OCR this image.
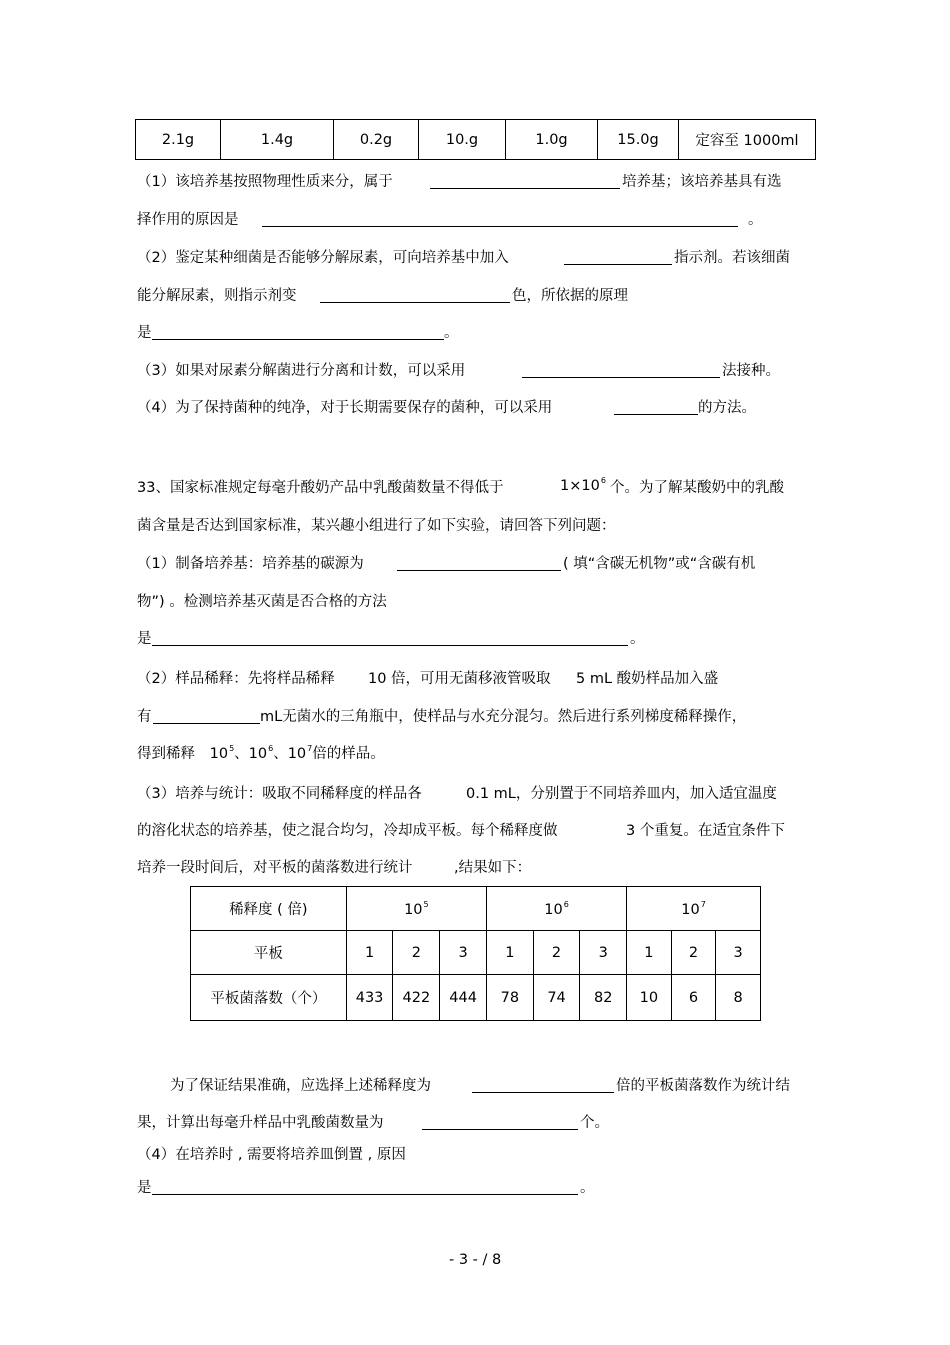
2.1g	1.4g	0.2g	10.g	1.0g	15.0g	定容至 1000ml
（1）该培养基按照物理性质来分，属于	培养基；该培养基具有选
择作用的原因是	。
（2）鉴定某种细菌是否能够分解尿素，可向培养基中加入	指示剂。若该细菌
能分解尿素，则指示剂变	色，所依据的原理
是	。
（3）如果对尿素分解菌进行分离和计数，可以采用	法接种。
（4）为了保持菌种的纯净，对于长期需要保存的菌种，可以采用	的方法。
33、国家标准规定每毫升酸奶产品中乳酸菌数量不得低于	$1\times 10^6$ 个。为了解某酸奶中的乳酸
菌含量是否达到国家标准，某兴趣小组进行了如下实验，请回答下列问题：
（1）制备培养基：培养基的碳源为	( 填“含碳无机物”或“含碳有机
物”) 。检测培养基灭菌是否合格的方法
是	。
（2）样品稀释：先将样品稀释 10 倍，可用无菌移液管吸取 5 mL 酸奶样品加入盛
有	mL无菌水的三角瓶中，使样品与水充分混匀。然后进行系列梯度稀释操作，
得到稀释 $10^5$、$10^6$、$10^7$倍的样品。
（3）培养与统计：吸取不同稀释度的样品各	0.1 mL，分别置于不同培养皿内，加入适宜温度
的溶化状态的培养基，使之混合均匀，冷却成平板。每个稀释度做	3 个重复。在适宜条件下
培养一段时间后，对平板的菌落数进行统计	,结果如下：
稀释度 ( 倍)	$10^5$			$10^6$			$10^7$
平板	1	2	3	1	2	3	1	2	3
平板菌落数（个）	433	422	444	78	74	82	10	6	8
为了保证结果准确，应选择上述稀释度为	倍的平板菌落数作为统计结
果，计算出每毫升样品中乳酸菌数量为	个。
（4）在培养时 , 需要将培养皿倒置 , 原因
是	。
- 3 - / 8
